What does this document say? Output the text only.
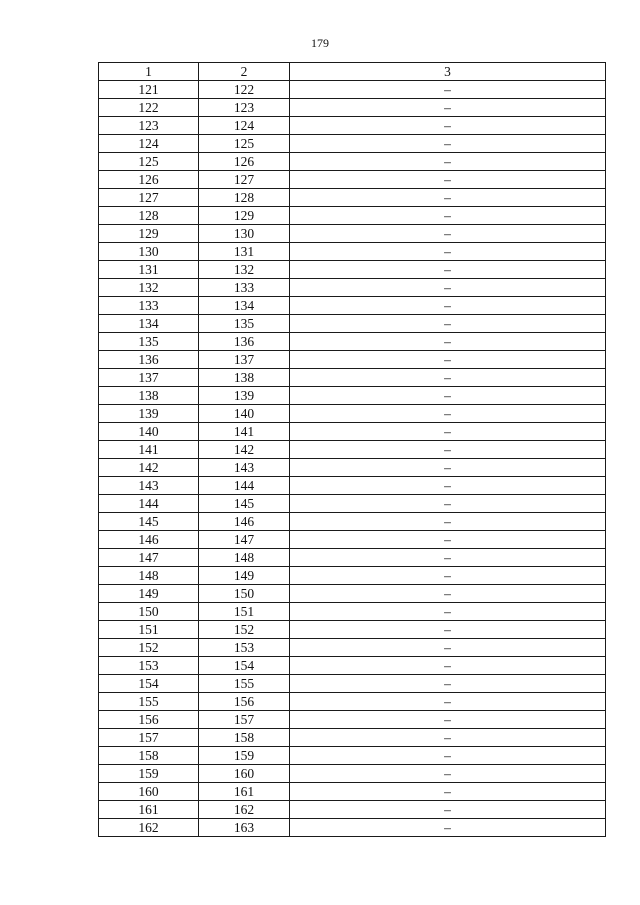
179
1	2	3
121	122	–
122	123	–
123	124	–
124	125	–
125	126	–
126	127	–
127	128	–
128	129	–
129	130	–
130	131	–
131	132	–
132	133	–
133	134	–
134	135	–
135	136	–
136	137	–
137	138	–
138	139	–
139	140	–
140	141	–
141	142	–
142	143	–
143	144	–
144	145	–
145	146	–
146	147	–
147	148	–
148	149	–
149	150	–
150	151	–
151	152	–
152	153	–
153	154	–
154	155	–
155	156	–
156	157	–
157	158	–
158	159	–
159	160	–
160	161	–
161	162	–
162	163	–
